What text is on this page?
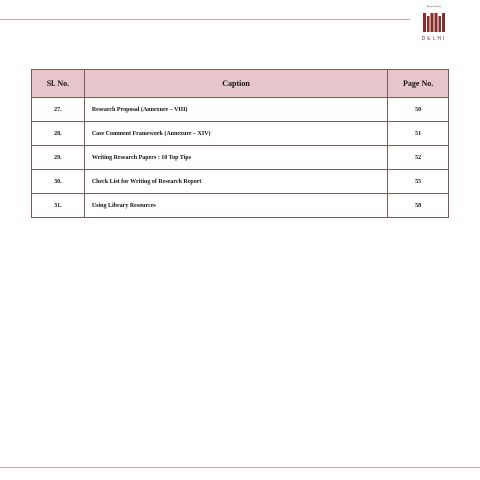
Amity University
DELHI
Sl. No.	Caption	Page No.
27.	Research Proposal (Annexure – VIII)	50
28.	Case Comment Framework (Annexure – XIV)	51
29.	Writing Research Papers : 10 Top Tips	52
30.	Check List for Writing of Research Report	55
31.	Using Library Resources	58
